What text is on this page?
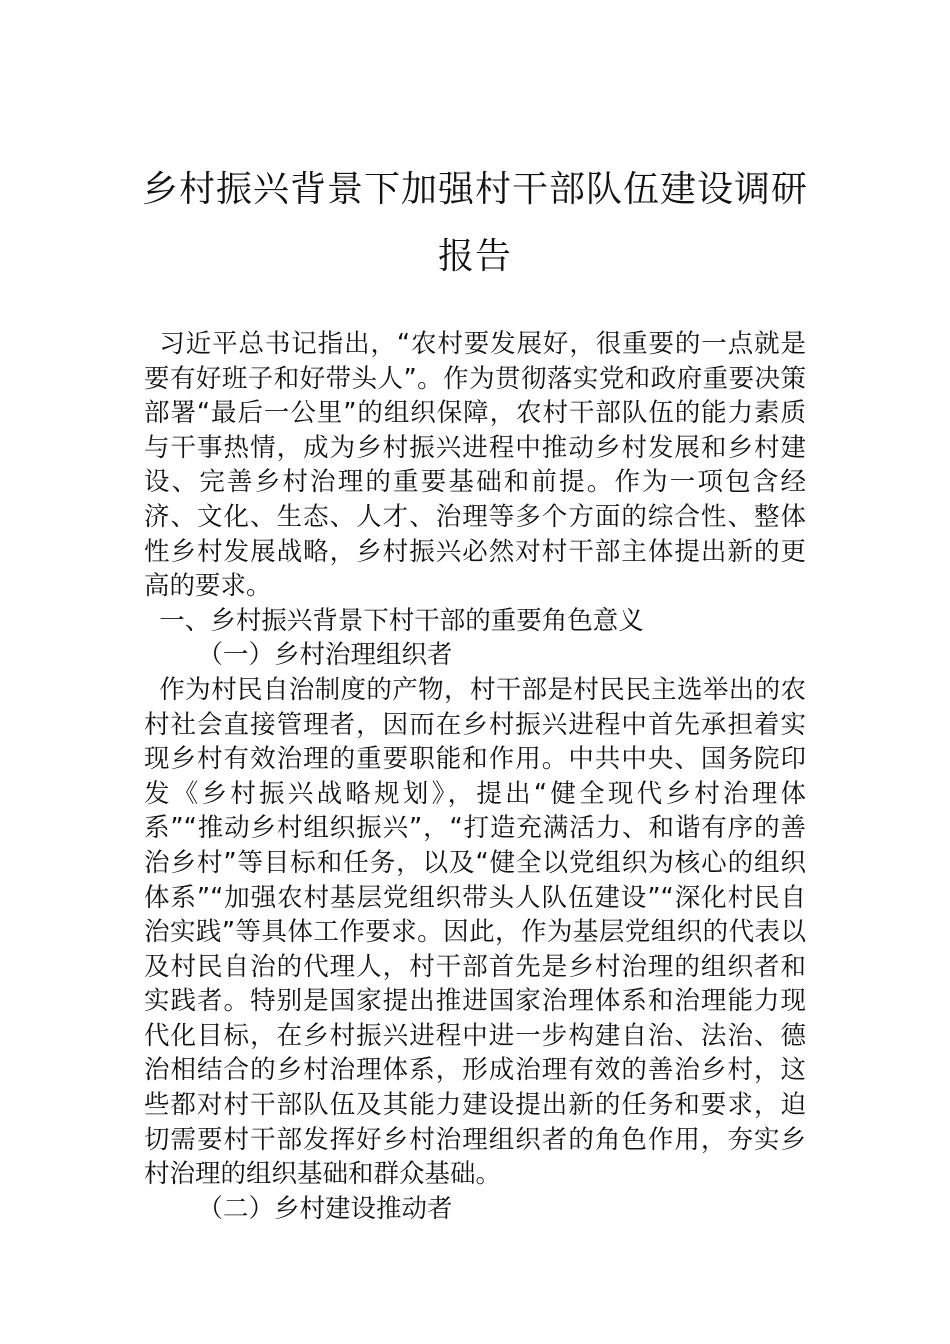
乡村振兴背景下加强村干部队伍建设调研
报告

习近平总书记指出，“农村要发展好，很重要的一点就是要有好班子和好带头人”。作为贯彻落实党和政府重要决策部署“最后一公里”的组织保障，农村干部队伍的能力素质与干事热情，成为乡村振兴进程中推动乡村发展和乡村建设、完善乡村治理的重要基础和前提。作为一项包含经济、文化、生态、人才、治理等多个方面的综合性、整体性乡村发展战略，乡村振兴必然对村干部主体提出新的更高的要求。

一、乡村振兴背景下村干部的重要角色意义

（一）乡村治理组织者

作为村民自治制度的产物，村干部是村民民主选举出的农村社会直接管理者，因而在乡村振兴进程中首先承担着实现乡村有效治理的重要职能和作用。中共中央、国务院印发《乡村振兴战略规划》，提出“健全现代乡村治理体系”“推动乡村组织振兴”，“打造充满活力、和谐有序的善治乡村”等目标和任务，以及“健全以党组织为核心的组织体系”“加强农村基层党组织带头人队伍建设”“深化村民自治实践”等具体工作要求。因此，作为基层党组织的代表以及村民自治的代理人，村干部首先是乡村治理的组织者和实践者。特别是国家提出推进国家治理体系和治理能力现代化目标，在乡村振兴进程中进一步构建自治、法治、德治相结合的乡村治理体系，形成治理有效的善治乡村，这些都对村干部队伍及其能力建设提出新的任务和要求，迫切需要村干部发挥好乡村治理组织者的角色作用，夯实乡村治理的组织基础和群众基础。

（二）乡村建设推动者
